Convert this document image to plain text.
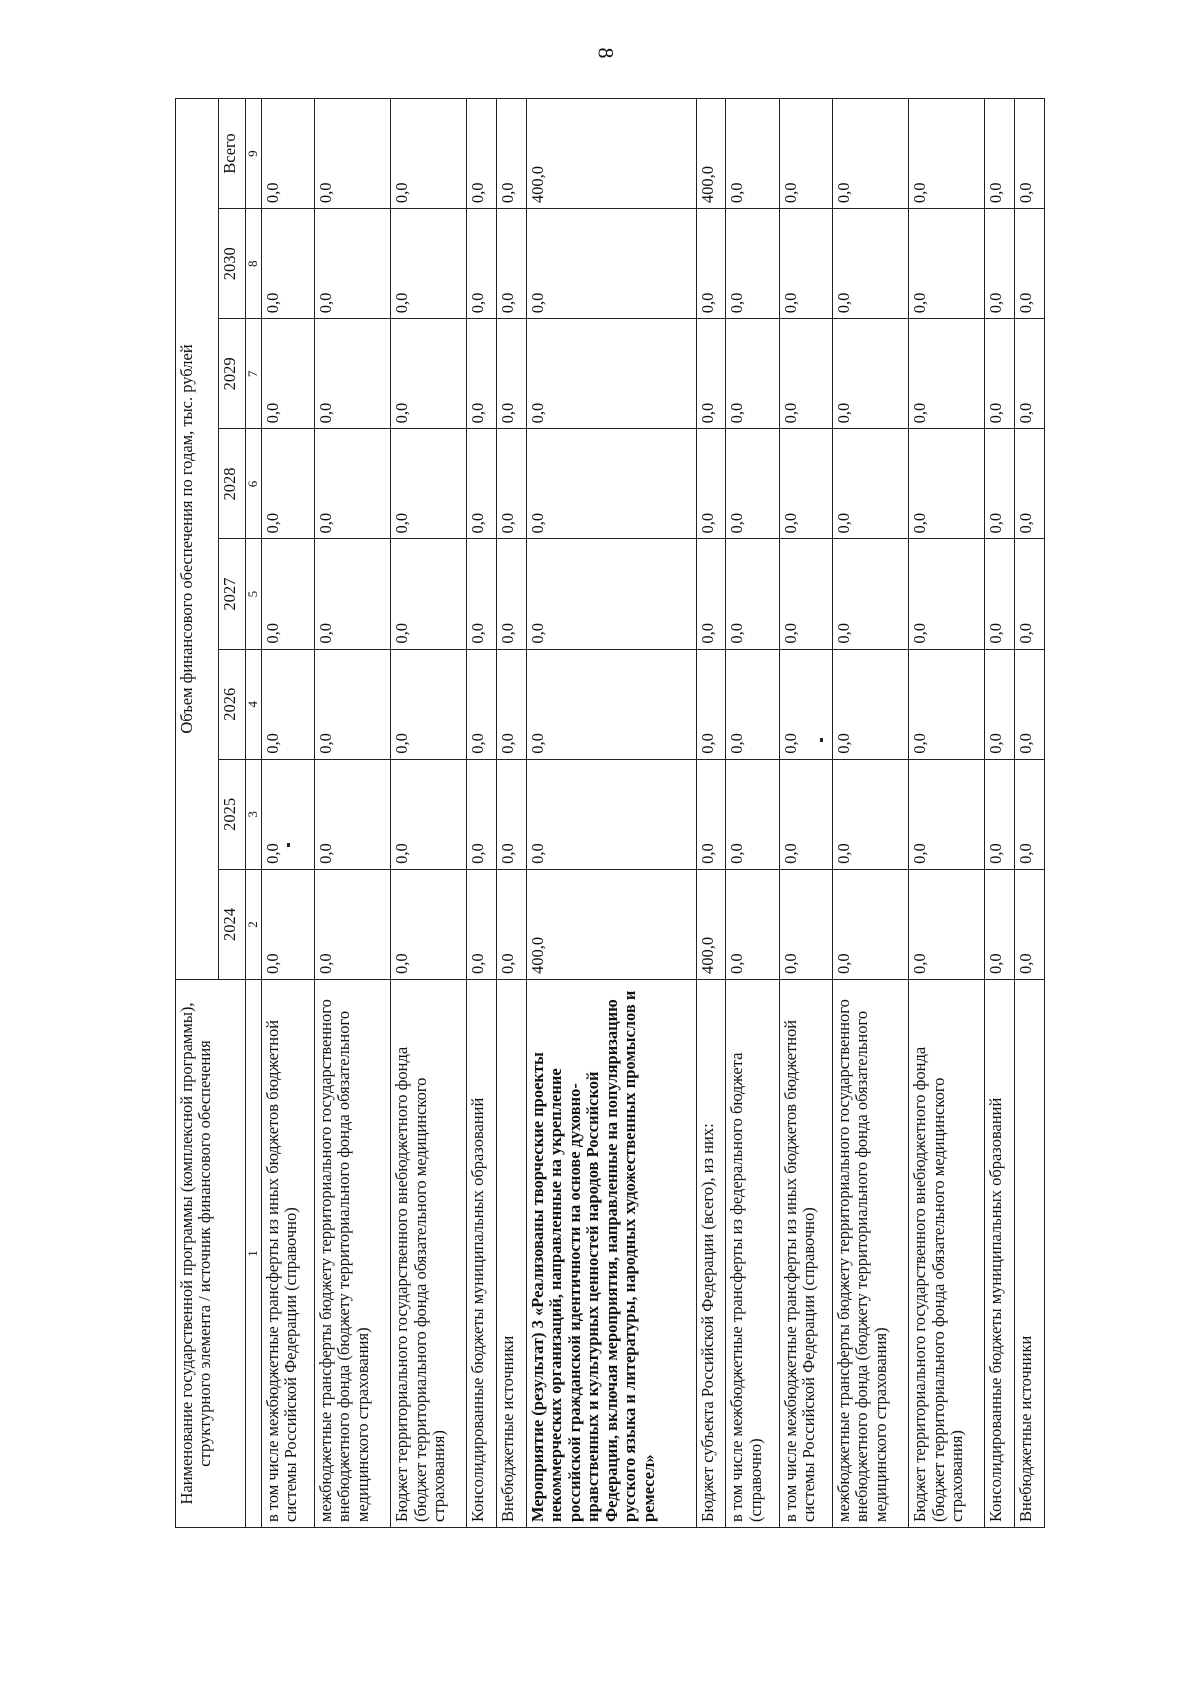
8
Наименование государственной программы (комплексной программы), структурного элемента / источник финансового обеспечения	Объем финансового обеспечения по годам, тыс. рублей							
	2024	2025	2026	2027	2028	2029	2030	Всего
1	2	3	4	5	6	7	8	9
в том числе межбюджетные трансферты из иных бюджетов бюджетной системы Российской Федерации (справочно)	0,0	0,0	0,0	0,0	0,0	0,0	0,0	0,0
межбюджетные трансферты бюджету территориального государственного внебюджетного фонда (бюджету территориального фонда обязательного медицинского страхования)	0,0	0,0	0,0	0,0	0,0	0,0	0,0	0,0
Бюджет территориального государственного внебюджетного фонда (бюджет территориального фонда обязательного медицинского страхования)	0,0	0,0	0,0	0,0	0,0	0,0	0,0	0,0
Консолидированные бюджеты муниципальных образований	0,0	0,0	0,0	0,0	0,0	0,0	0,0	0,0
Внебюджетные источники	0,0	0,0	0,0	0,0	0,0	0,0	0,0	0,0
Мероприятие (результат) 3 «Реализованы творческие проекты некоммерческих организаций, направленные на укрепление российской гражданской идентичности на основе духовно-нравственных и культурных ценностей народов Российской Федерации, включая мероприятия, направленные на популяризацию русского языка и литературы, народных художественных промыслов и ремесел»	400,0	0,0	0,0	0,0	0,0	0,0	0,0	400,0
Бюджет субъекта Российской Федерации (всего), из них:	400,0	0,0	0,0	0,0	0,0	0,0	0,0	400,0
в том числе межбюджетные трансферты из федерального бюджета (справочно)	0,0	0,0	0,0	0,0	0,0	0,0	0,0	0,0
в том числе межбюджетные трансферты из иных бюджетов бюджетной системы Российской Федерации (справочно)	0,0	0,0	0,0	0,0	0,0	0,0	0,0	0,0
межбюджетные трансферты бюджету территориального государственного внебюджетного фонда (бюджету территориального фонда обязательного медицинского страхования)	0,0	0,0	0,0	0,0	0,0	0,0	0,0	0,0
Бюджет территориального государственного внебюджетного фонда (бюджет территориального фонда обязательного медицинского страхования)	0,0	0,0	0,0	0,0	0,0	0,0	0,0	0,0
Консолидированные бюджеты муниципальных образований	0,0	0,0	0,0	0,0	0,0	0,0	0,0	0,0
Внебюджетные источники	0,0	0,0	0,0	0,0	0,0	0,0	0,0	0,0
